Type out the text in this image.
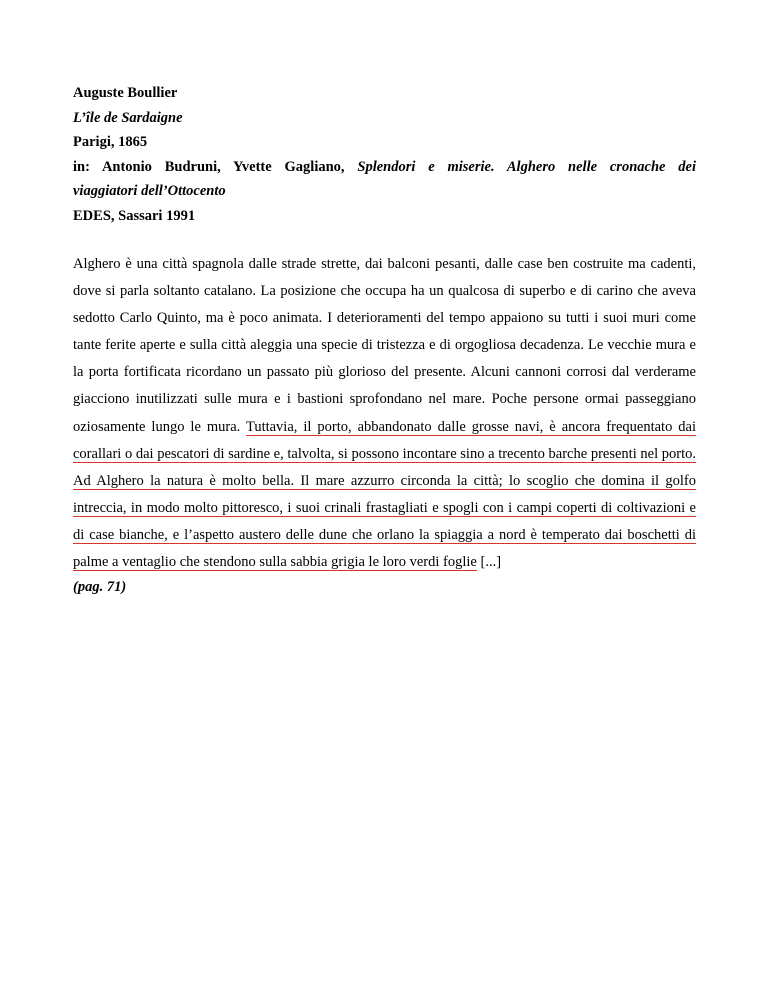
Auguste Boullier

L’île de Sardaigne

Parigi, 1865

in: Antonio Budruni, Yvette Gagliano, Splendori e miserie. Alghero nelle cronache dei

viaggiatori dell’Ottocento

EDES, Sassari 1991

Alghero è una città spagnola dalle strade strette, dai balconi pesanti, dalle case ben costruite ma cadenti, dove si parla soltanto catalano. La posizione che occupa ha un qualcosa di superbo e di carino che aveva sedotto Carlo Quinto, ma è poco animata. I deterioramenti del tempo appaiono su tutti i suoi muri come tante ferite aperte e sulla città aleggia una specie di tristezza e di orgogliosa decadenza. Le vecchie mura e la porta fortificata ricordano un passato più glorioso del presente. Alcuni cannoni corrosi dal verderame giacciono inutilizzati sulle mura e i bastioni sprofondano nel mare. Poche persone ormai passeggiano oziosamente lungo le mura. Tuttavia, il porto, abbandonato dalle grosse navi, è ancora frequentato dai corallari o dai pescatori di sardine e, talvolta, si possono incontare sino a trecento barche presenti nel porto. Ad Alghero la natura è molto bella. Il mare azzurro circonda la città; lo scoglio che domina il golfo intreccia, in modo molto pittoresco, i suoi crinali frastagliati e spogli con i campi coperti di coltivazioni e di case bianche, e l’aspetto austero delle dune che orlano la spiaggia a nord è temperato dai boschetti di palme a ventaglio che stendono sulla sabbia grigia le loro verdi foglie [...]

(pag. 71)
